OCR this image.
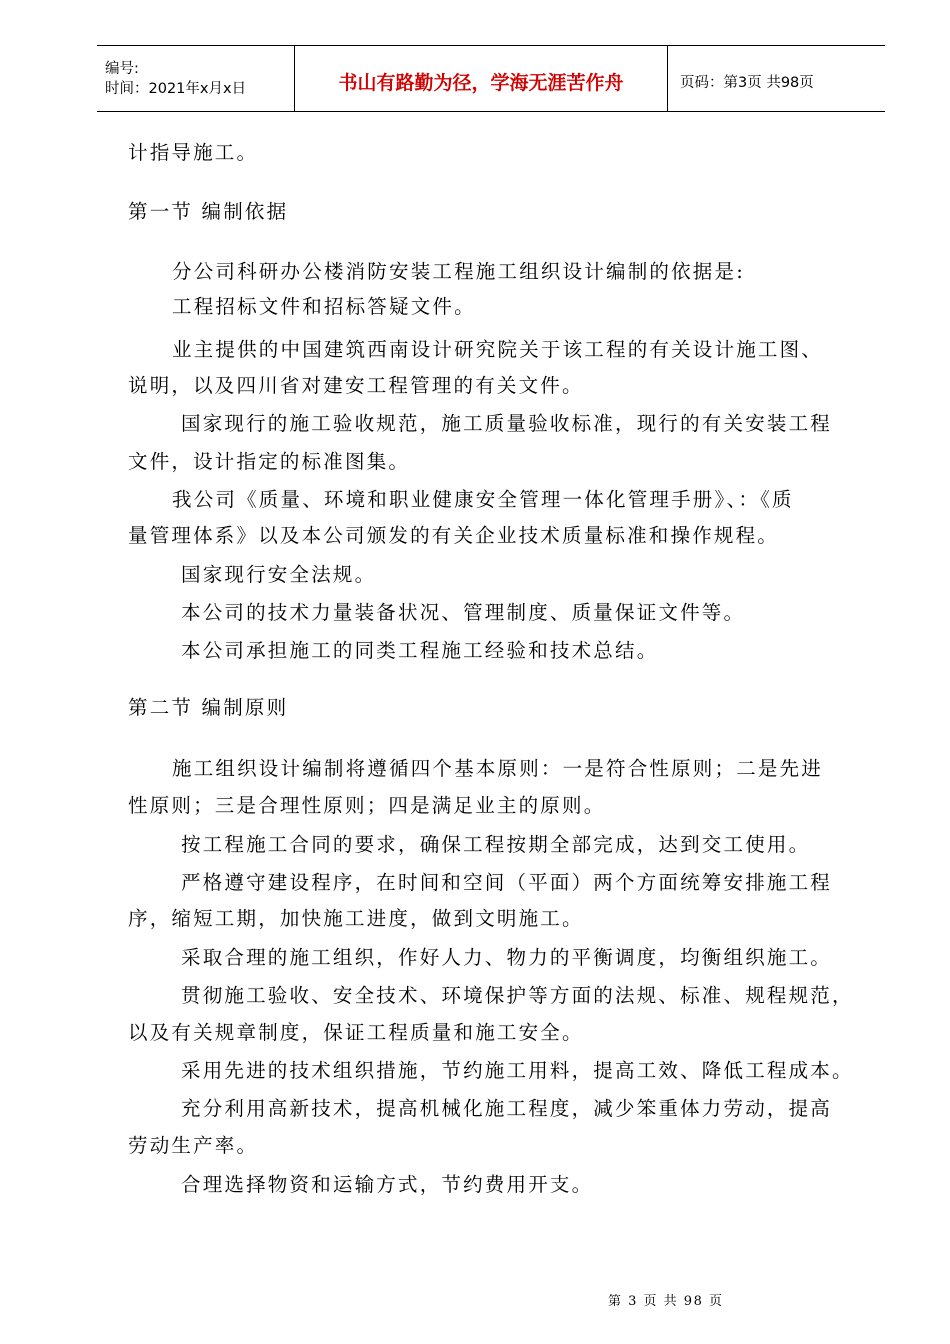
编号:
时间：2021年x月x日	书山有路勤为径，学海无涯苦作舟	页码：第3页 共98页
计指导施工。
第一节 编制依据
分公司科研办公楼消防安装工程施工组织设计编制的依据是:
工程招标文件和招标答疑文件。
业主提供的中国建筑西南设计研究院关于该工程的有关设计施工图、
说明，以及四川省对建安工程管理的有关文件。
国家现行的施工验收规范，施工质量验收标准，现行的有关安装工程
文件，设计指定的标准图集。
我公司《质量、环境和职业健康安全管理一体化管理手册》、：《质
量管理体系》以及本公司颁发的有关企业技术质量标准和操作规程。
国家现行安全法规。
本公司的技术力量装备状况、管理制度、质量保证文件等。
本公司承担施工的同类工程施工经验和技术总结。
第二节 编制原则
施工组织设计编制将遵循四个基本原则：一是符合性原则；二是先进
性原则；三是合理性原则；四是满足业主的原则。
按工程施工合同的要求，确保工程按期全部完成，达到交工使用。
严格遵守建设程序，在时间和空间（平面）两个方面统筹安排施工程
序，缩短工期，加快施工进度，做到文明施工。
采取合理的施工组织，作好人力、物力的平衡调度，均衡组织施工。
贯彻施工验收、安全技术、环境保护等方面的法规、标准、规程规范，
以及有关规章制度，保证工程质量和施工安全。
采用先进的技术组织措施，节约施工用料，提高工效、降低工程成本。
充分利用高新技术，提高机械化施工程度，减少笨重体力劳动，提高
劳动生产率。
合理选择物资和运输方式，节约费用开支。
第 3 页 共 98 页
